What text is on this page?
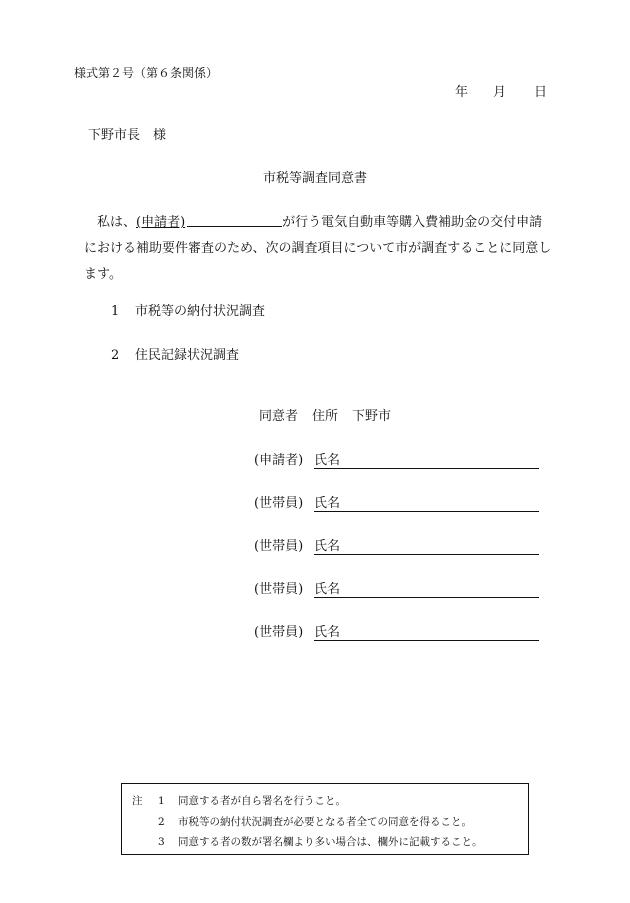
様式第２号（第６条関係）
年 月 日
下野市長　様
市税等調査同意書
私は、(申請者)	が行う電気自動車等購入費補助金の交付申請における補助要件審査のため、次の調査項目について市が調査することに同意します。
1 市税等の納付状況調査
2 住民記録状況調査
同意者 住所 下野市
(申請者) 氏名
(世帯員) 氏名
(世帯員) 氏名
(世帯員) 氏名
(世帯員) 氏名
注 1 同意する者が自ら署名を行うこと。
2 市税等の納付状況調査が必要となる者全ての同意を得ること。
3 同意する者の数が署名欄より多い場合は、欄外に記載すること。
